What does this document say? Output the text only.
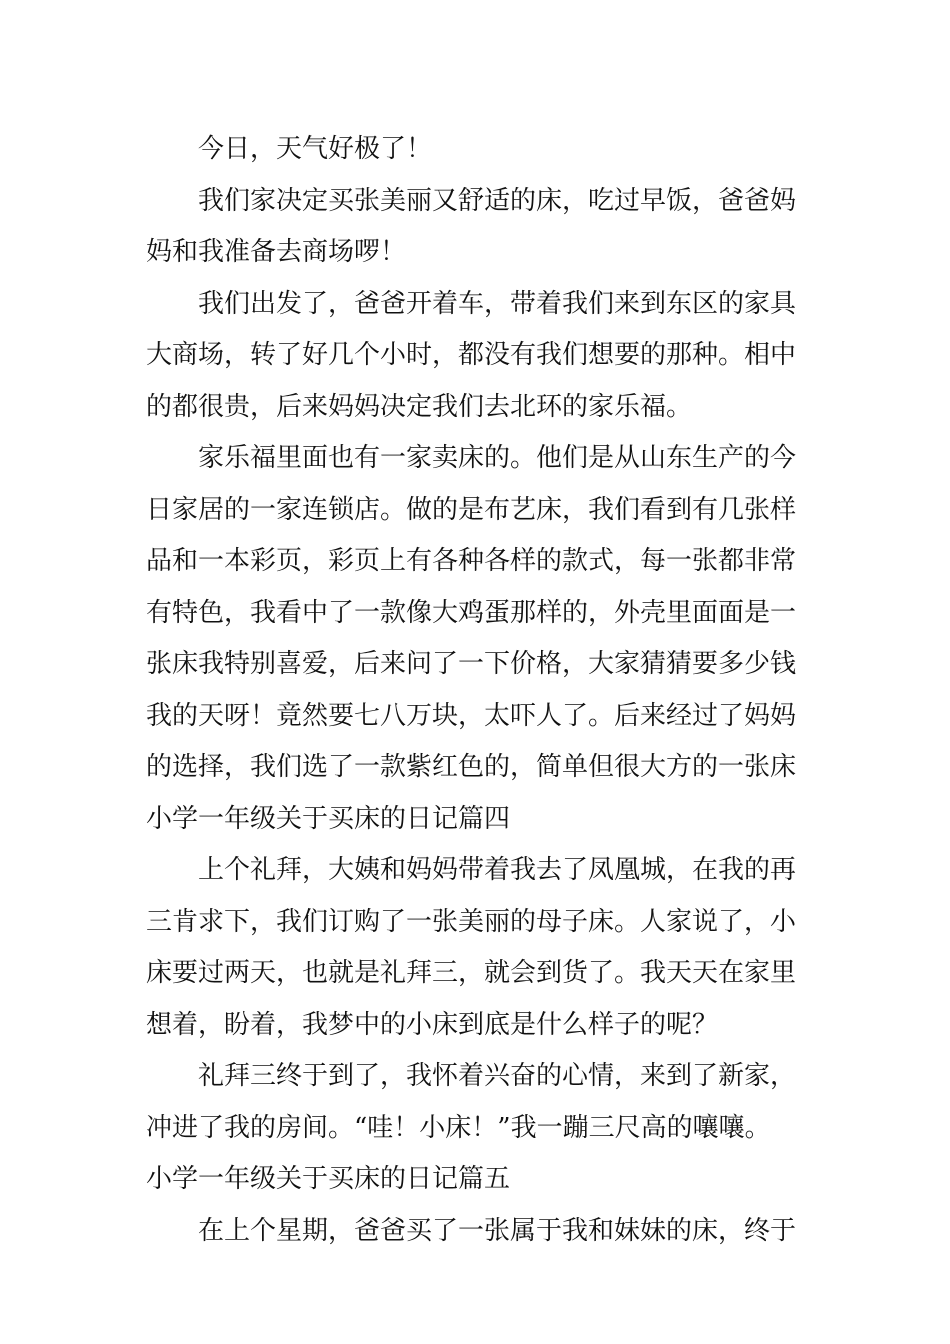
今日，天气好极了！

我们家决定买张美丽又舒适的床，吃过早饭，爸爸妈
妈和我准备去商场啰！

我们出发了，爸爸开着车，带着我们来到东区的家具
大商场，转了好几个小时，都没有我们想要的那种。相中
的都很贵，后来妈妈决定我们去北环的家乐福。

家乐福里面也有一家卖床的。他们是从山东生产的今
日家居的一家连锁店。做的是布艺床，我们看到有几张样
品和一本彩页，彩页上有各种各样的款式，每一张都非常
有特色，我看中了一款像大鸡蛋那样的，外壳里面面是一
张床我特别喜爱，后来问了一下价格，大家猜猜要多少钱
我的天呀！竟然要七八万块，太吓人了。后来经过了妈妈
的选择，我们选了一款紫红色的，简单但很大方的一张床

小学一年级关于买床的日记篇四

上个礼拜，大姨和妈妈带着我去了凤凰城，在我的再
三肯求下，我们订购了一张美丽的母子床。人家说了，小
床要过两天，也就是礼拜三，就会到货了。我天天在家里
想着，盼着，我梦中的小床到底是什么样子的呢？

礼拜三终于到了，我怀着兴奋的心情，来到了新家，
冲进了我的房间。“哇！小床！”我一蹦三尺高的嚷嚷。

小学一年级关于买床的日记篇五

在上个星期，爸爸买了一张属于我和妹妹的床，终于
